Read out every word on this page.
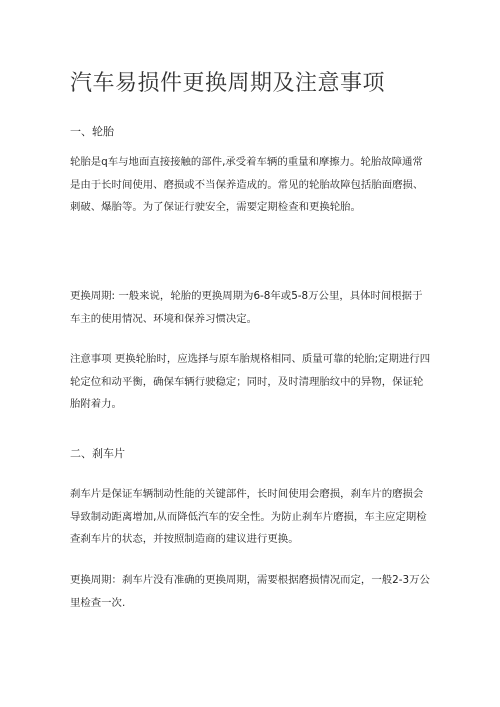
汽车易损件更换周期及注意事项

一、轮胎

轮胎是q车与地面直接接触的部件,承受着车辆的重量和摩擦力。轮胎故障通常是由于长时间使用、磨损或不当保养造成的。常见的轮胎故障包括胎面磨损、刺破、爆胎等。为了保证行驶安全，需要定期检查和更换轮胎。

更换周期: 一般来说，轮胎的更换周期为6-8年或5-8万公里，具体时间根据于车主的使用情况、环境和保养习惯决定。

注意事项 更换轮胎时，应选择与原车胎规格相同、质量可靠的轮胎;定期进行四轮定位和动平衡，确保车辆行驶稳定；同时，及时清理胎纹中的异物，保证轮胎附着力。

二、刹车片

刹车片是保证车辆制动性能的关键部件，长时间使用会磨损，刹车片的磨损会导致制动距离增加,从而降低汽车的安全性。为防止刹车片磨损，车主应定期检查刹车片的状态，并按照制造商的建议进行更换。

更换周期：刹车片没有准确的更换周期，需要根据磨损情况而定，一般2-3万公里检查一次.
